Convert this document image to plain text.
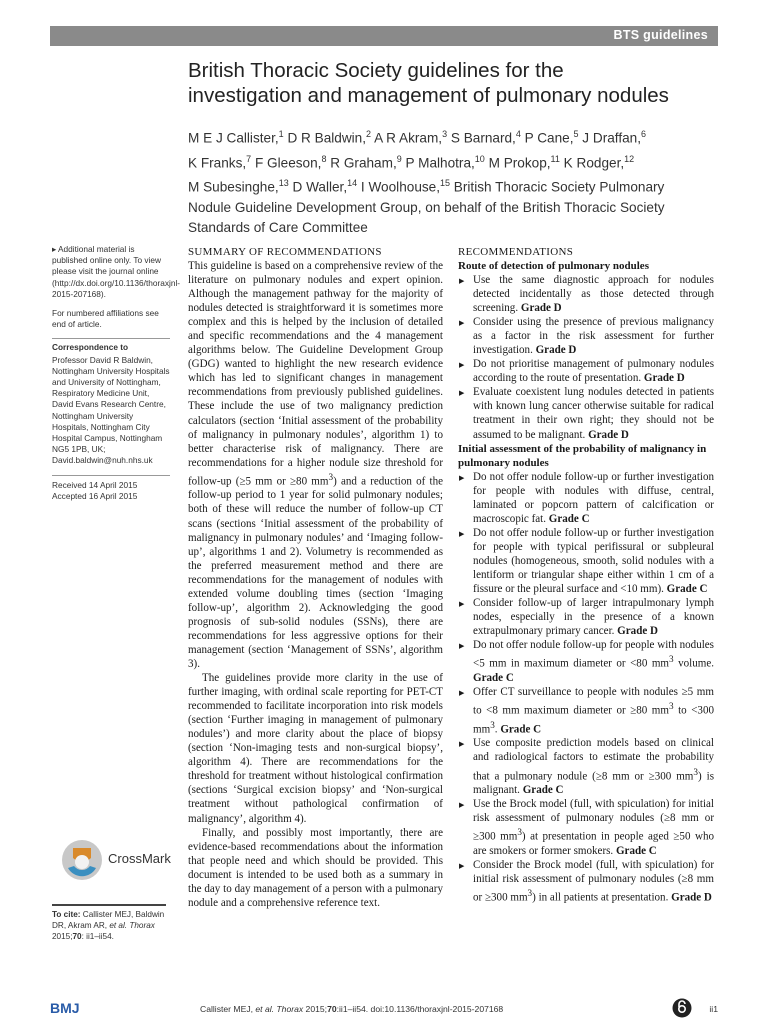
BTS guidelines
British Thoracic Society guidelines for the
investigation and management of pulmonary nodules
M E J Callister,$^1$ D R Baldwin,$^2$ A R Akram,$^3$ S Barnard,$^4$ P Cane,$^5$ J Draffan,$^6$
K Franks,$^7$ F Gleeson,$^8$ R Graham,$^9$ P Malhotra,$^{10}$ M Prokop,$^{11}$ K Rodger,$^{12}$
M Subesinghe,$^{13}$ D Waller,$^{14}$ I Woolhouse,$^{15}$ British Thoracic Society Pulmonary
Nodule Guideline Development Group, on behalf of the British Thoracic Society
Standards of Care Committee

▸ Additional material is published online only. To view please visit the journal online (http://dx.doi.org/10.1136/thoraxjnl-2015-207168).

For numbered affiliations see end of article.

Correspondence to

Professor David R Baldwin, Nottingham University Hospitals and University of Nottingham, Respiratory Medicine Unit, David Evans Research Centre, Nottingham University Hospitals, Nottingham City Hospital Campus, Nottingham NG5 1PB, UK; David.baldwin@nuh.nhs.uk

Received 14 April 2015
Accepted 16 April 2015
CrossMark
To cite: Callister MEJ, Baldwin DR, Akram AR, et al. Thorax 2015;70: ii1–ii54.
SUMMARY OF RECOMMENDATIONS

This guideline is based on a comprehensive review of the literature on pulmonary nodules and expert opinion. Although the management pathway for the majority of nodules detected is straightforward it is sometimes more complex and this is helped by the inclusion of detailed and specific recommendations and the 4 management algorithms below. The Guideline Development Group (GDG) wanted to highlight the new research evidence which has led to significant changes in management recommendations from previously published guidelines. These include the use of two malignancy prediction calculators (section ‘Initial assessment of the probability of malignancy in pulmonary nodules’, algorithm 1) to better characterise risk of malignancy. There are recommendations for a higher nodule size threshold for follow-up (≥5 mm or ≥80 $mm^3$) and a reduction of the follow-up period to 1 year for solid pulmonary nodules; both of these will reduce the number of follow-up CT scans (sections ‘Initial assessment of the probability of malignancy in pulmonary nodules’ and ‘Imaging follow-up’, algorithms 1 and 2). Volumetry is recommended as the preferred measurement method and there are recommendations for the management of nodules with extended volume doubling times (section ‘Imaging follow-up’, algorithm 2). Acknowledging the good prognosis of sub-solid nodules (SSNs), there are recommendations for less aggressive options for their management (section ‘Management of SSNs’, algorithm 3).

The guidelines provide more clarity in the use of further imaging, with ordinal scale reporting for PET-CT recommended to facilitate incorporation into risk models (section ‘Further imaging in management of pulmonary nodules’) and more clarity about the place of biopsy (section ‘Non-imaging tests and non-surgical biopsy’, algorithm 4). There are recommendations for the threshold for treatment without histological confirmation (sections ‘Surgical excision biopsy’ and ‘Non-surgical treatment without pathological confirmation of malignancy’, algorithm 4).

Finally, and possibly most importantly, there are evidence-based recommendations about the information that people need and which should be provided. This document is intended to be used both as a summary in the day to day management of a person with a pulmonary nodule and a comprehensive reference text.

RECOMMENDATIONS
Route of detection of pulmonary nodules
▶ Use the same diagnostic approach for nodules detected incidentally as those detected through screening. Grade D
▶ Consider using the presence of previous malignancy as a factor in the risk assessment for further investigation. Grade D
▶ Do not prioritise management of pulmonary nodules according to the route of presentation. Grade D
▶ Evaluate coexistent lung nodules detected in patients with known lung cancer otherwise suitable for radical treatment in their own right; they should not be assumed to be malignant. Grade D
Initial assessment of the probability of malignancy in pulmonary nodules
▶ Do not offer nodule follow-up or further investigation for people with nodules with diffuse, central, laminated or popcorn pattern of calcification or macroscopic fat. Grade C
▶ Do not offer nodule follow-up or further investigation for people with typical perifissural or subpleural nodules (homogeneous, smooth, solid nodules with a lentiform or triangular shape either within 1 cm of a fissure or the pleural surface and <10 mm). Grade C
▶ Consider follow-up of larger intrapulmonary lymph nodes, especially in the presence of a known extrapulmonary primary cancer. Grade D
▶ Do not offer nodule follow-up for people with nodules <5 mm in maximum diameter or <80 $mm^3$ volume. Grade C
▶ Offer CT surveillance to people with nodules ≥5 mm to <8 mm maximum diameter or ≥80 $mm^3$ to <300 $mm^3$. Grade C
▶ Use composite prediction models based on clinical and radiological factors to estimate the probability that a pulmonary nodule (≥8 mm or ≥300 $mm^3$) is malignant. Grade C
▶ Use the Brock model (full, with spiculation) for initial risk assessment of pulmonary nodules (≥8 mm or ≥300 $mm^3$) at presentation in people aged ≥50 who are smokers or former smokers. Grade C
▶ Consider the Brock model (full, with spiculation) for initial risk assessment of pulmonary nodules (≥8 mm or ≥300 $mm^3$) in all patients at presentation. Grade D
BMJ	Callister MEJ, et al. Thorax 2015;70:ii1–ii54. doi:10.1136/thoraxjnl-2015-207168	ii1
